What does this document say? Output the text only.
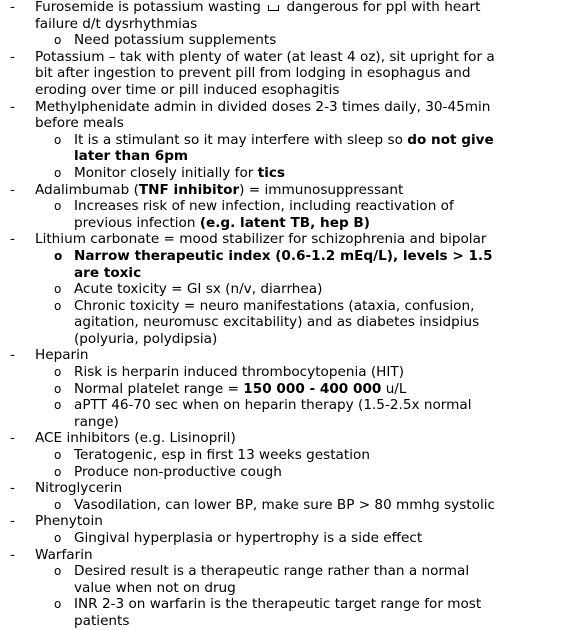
- Furosemide is potassium wasting  dangerous for ppl with heart failure d/t dysrhythmias
o Need potassium supplements
- Potassium – tak with plenty of water (at least 4 oz), sit upright for a bit after ingestion to prevent pill from lodging in esophagus and eroding over time or pill induced esophagitis
- Methylphenidate admin in divided doses 2-3 times daily, 30-45min before meals
o It is a stimulant so it may interfere with sleep so do not give later than 6pm
o Monitor closely initially for tics
- Adalimbumab (TNF inhibitor) = immunosuppressant
o Increases risk of new infection, including reactivation of previous infection (e.g. latent TB, hep B)
- Lithium carbonate = mood stabilizer for schizophrenia and bipolar
o Narrow therapeutic index (0.6-1.2 mEq/L), levels > 1.5 are toxic
o Acute toxicity = GI sx (n/v, diarrhea)
o Chronic toxicity = neuro manifestations (ataxia, confusion, agitation, neuromusc excitability) and as diabetes insidpius (polyuria, polydipsia)
- Heparin
o Risk is herparin induced thrombocytopenia (HIT)
o Normal platelet range = 150 000 - 400 000 u/L
o aPTT 46-70 sec when on heparin therapy (1.5-2.5x normal range)
- ACE inhibitors (e.g. Lisinopril)
o Teratogenic, esp in first 13 weeks gestation
o Produce non-productive cough
- Nitroglycerin
o Vasodilation, can lower BP, make sure BP > 80 mmhg systolic
- Phenytoin
o Gingival hyperplasia or hypertrophy is a side effect
- Warfarin
o Desired result is a therapeutic range rather than a normal value when not on drug
o INR 2-3 on warfarin is the therapeutic target range for most patients
